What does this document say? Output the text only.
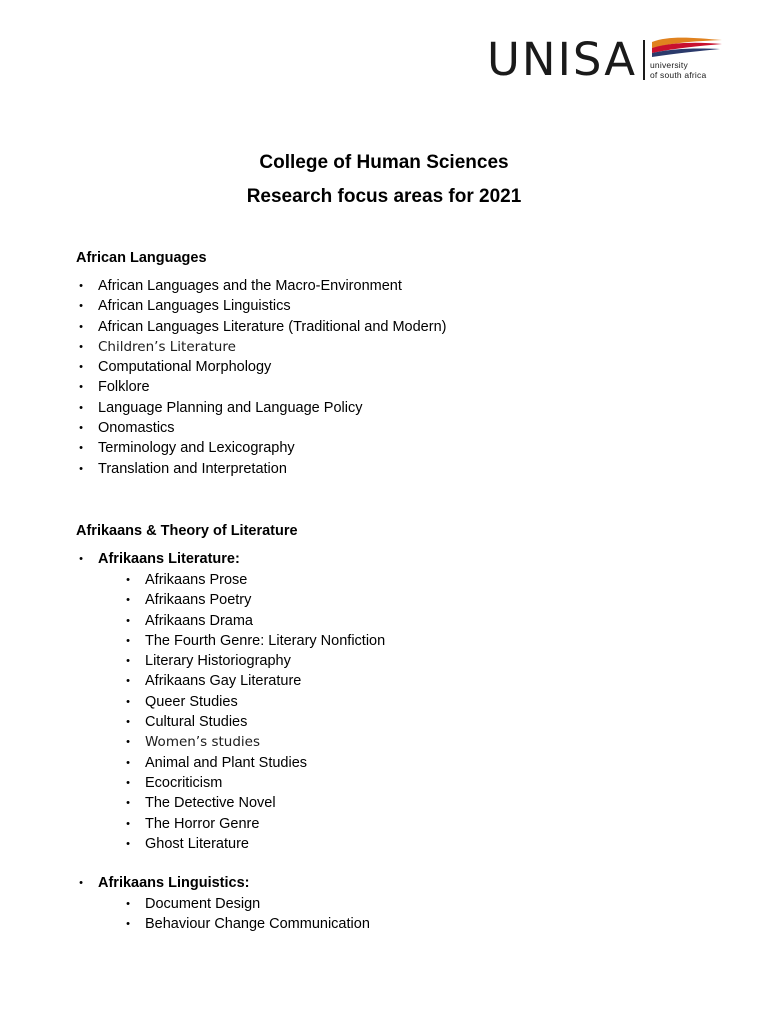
UNISA university
of south africa
College of Human Sciences
Research focus areas for 2021
African Languages
• African Languages and the Macro-Environment
• African Languages Linguistics
• African Languages Literature (Traditional and Modern)
• Children’s Literature
• Computational Morphology
• Folklore
• Language Planning and Language Policy
• Onomastics
• Terminology and Lexicography
• Translation and Interpretation
Afrikaans & Theory of Literature
• Afrikaans Literature:
• Afrikaans Prose
• Afrikaans Poetry
• Afrikaans Drama
• The Fourth Genre: Literary Nonfiction
• Literary Historiography
• Afrikaans Gay Literature
• Queer Studies
• Cultural Studies
• Women’s studies
• Animal and Plant Studies
• Ecocriticism
• The Detective Novel
• The Horror Genre
• Ghost Literature
• Afrikaans Linguistics:
• Document Design
• Behaviour Change Communication
